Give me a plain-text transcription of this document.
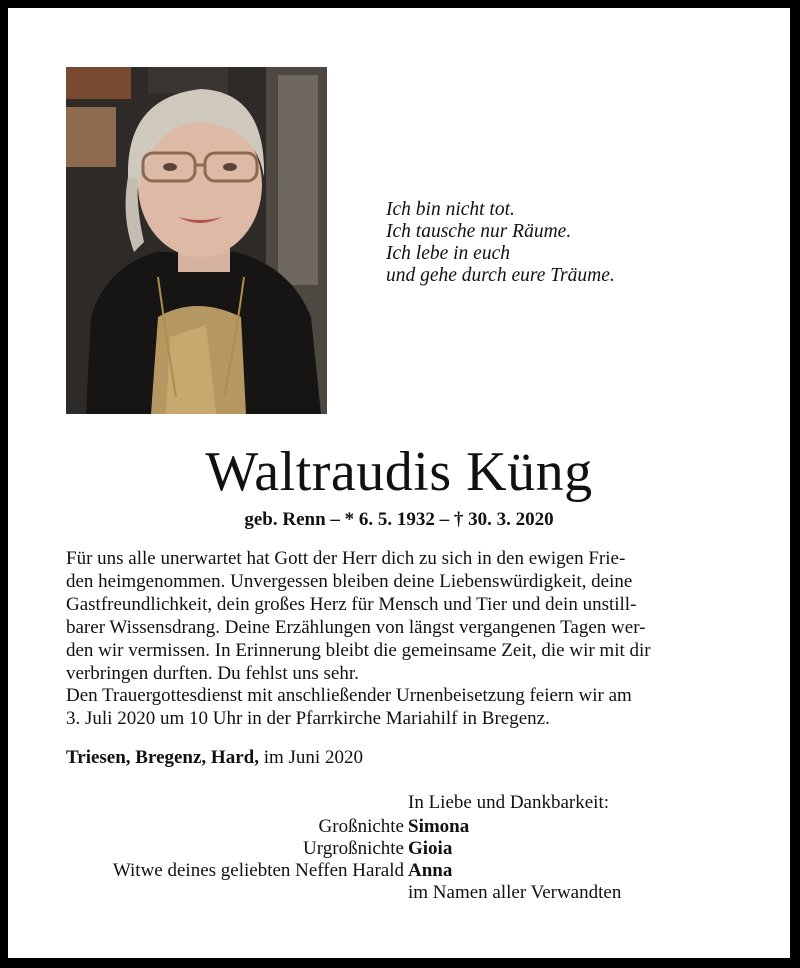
Ich bin nicht tot.
Ich tausche nur Räume.
Ich lebe in euch
und gehe durch eure Träume.
Waltraudis Küng
geb. Renn – * 6. 5. 1932 – † 30. 3. 2020
Für uns alle unerwartet hat Gott der Herr dich zu sich in den ewigen Frie-
den heimgenommen. Unvergessen bleiben deine Liebenswürdigkeit, deine
Gastfreundlichkeit, dein großes Herz für Mensch und Tier und dein unstill-
barer Wissensdrang. Deine Erzählungen von längst vergangenen Tagen wer-
den wir vermissen. In Erinnerung bleibt die gemeinsame Zeit, die wir mit dir
verbringen durften. Du fehlst uns sehr.
Den Trauergottesdienst mit anschließender Urnenbeisetzung feiern wir am
3. Juli 2020 um 10 Uhr in der Pfarrkirche Mariahilf in Bregenz.
Triesen, Bregenz, Hard, im Juni 2020
In Liebe und Dankbarkeit:
Großnichte
Urgroßnichte
Witwe deines geliebten Neffen Harald
Simona
Gioia
Anna
im Namen aller Verwandten
